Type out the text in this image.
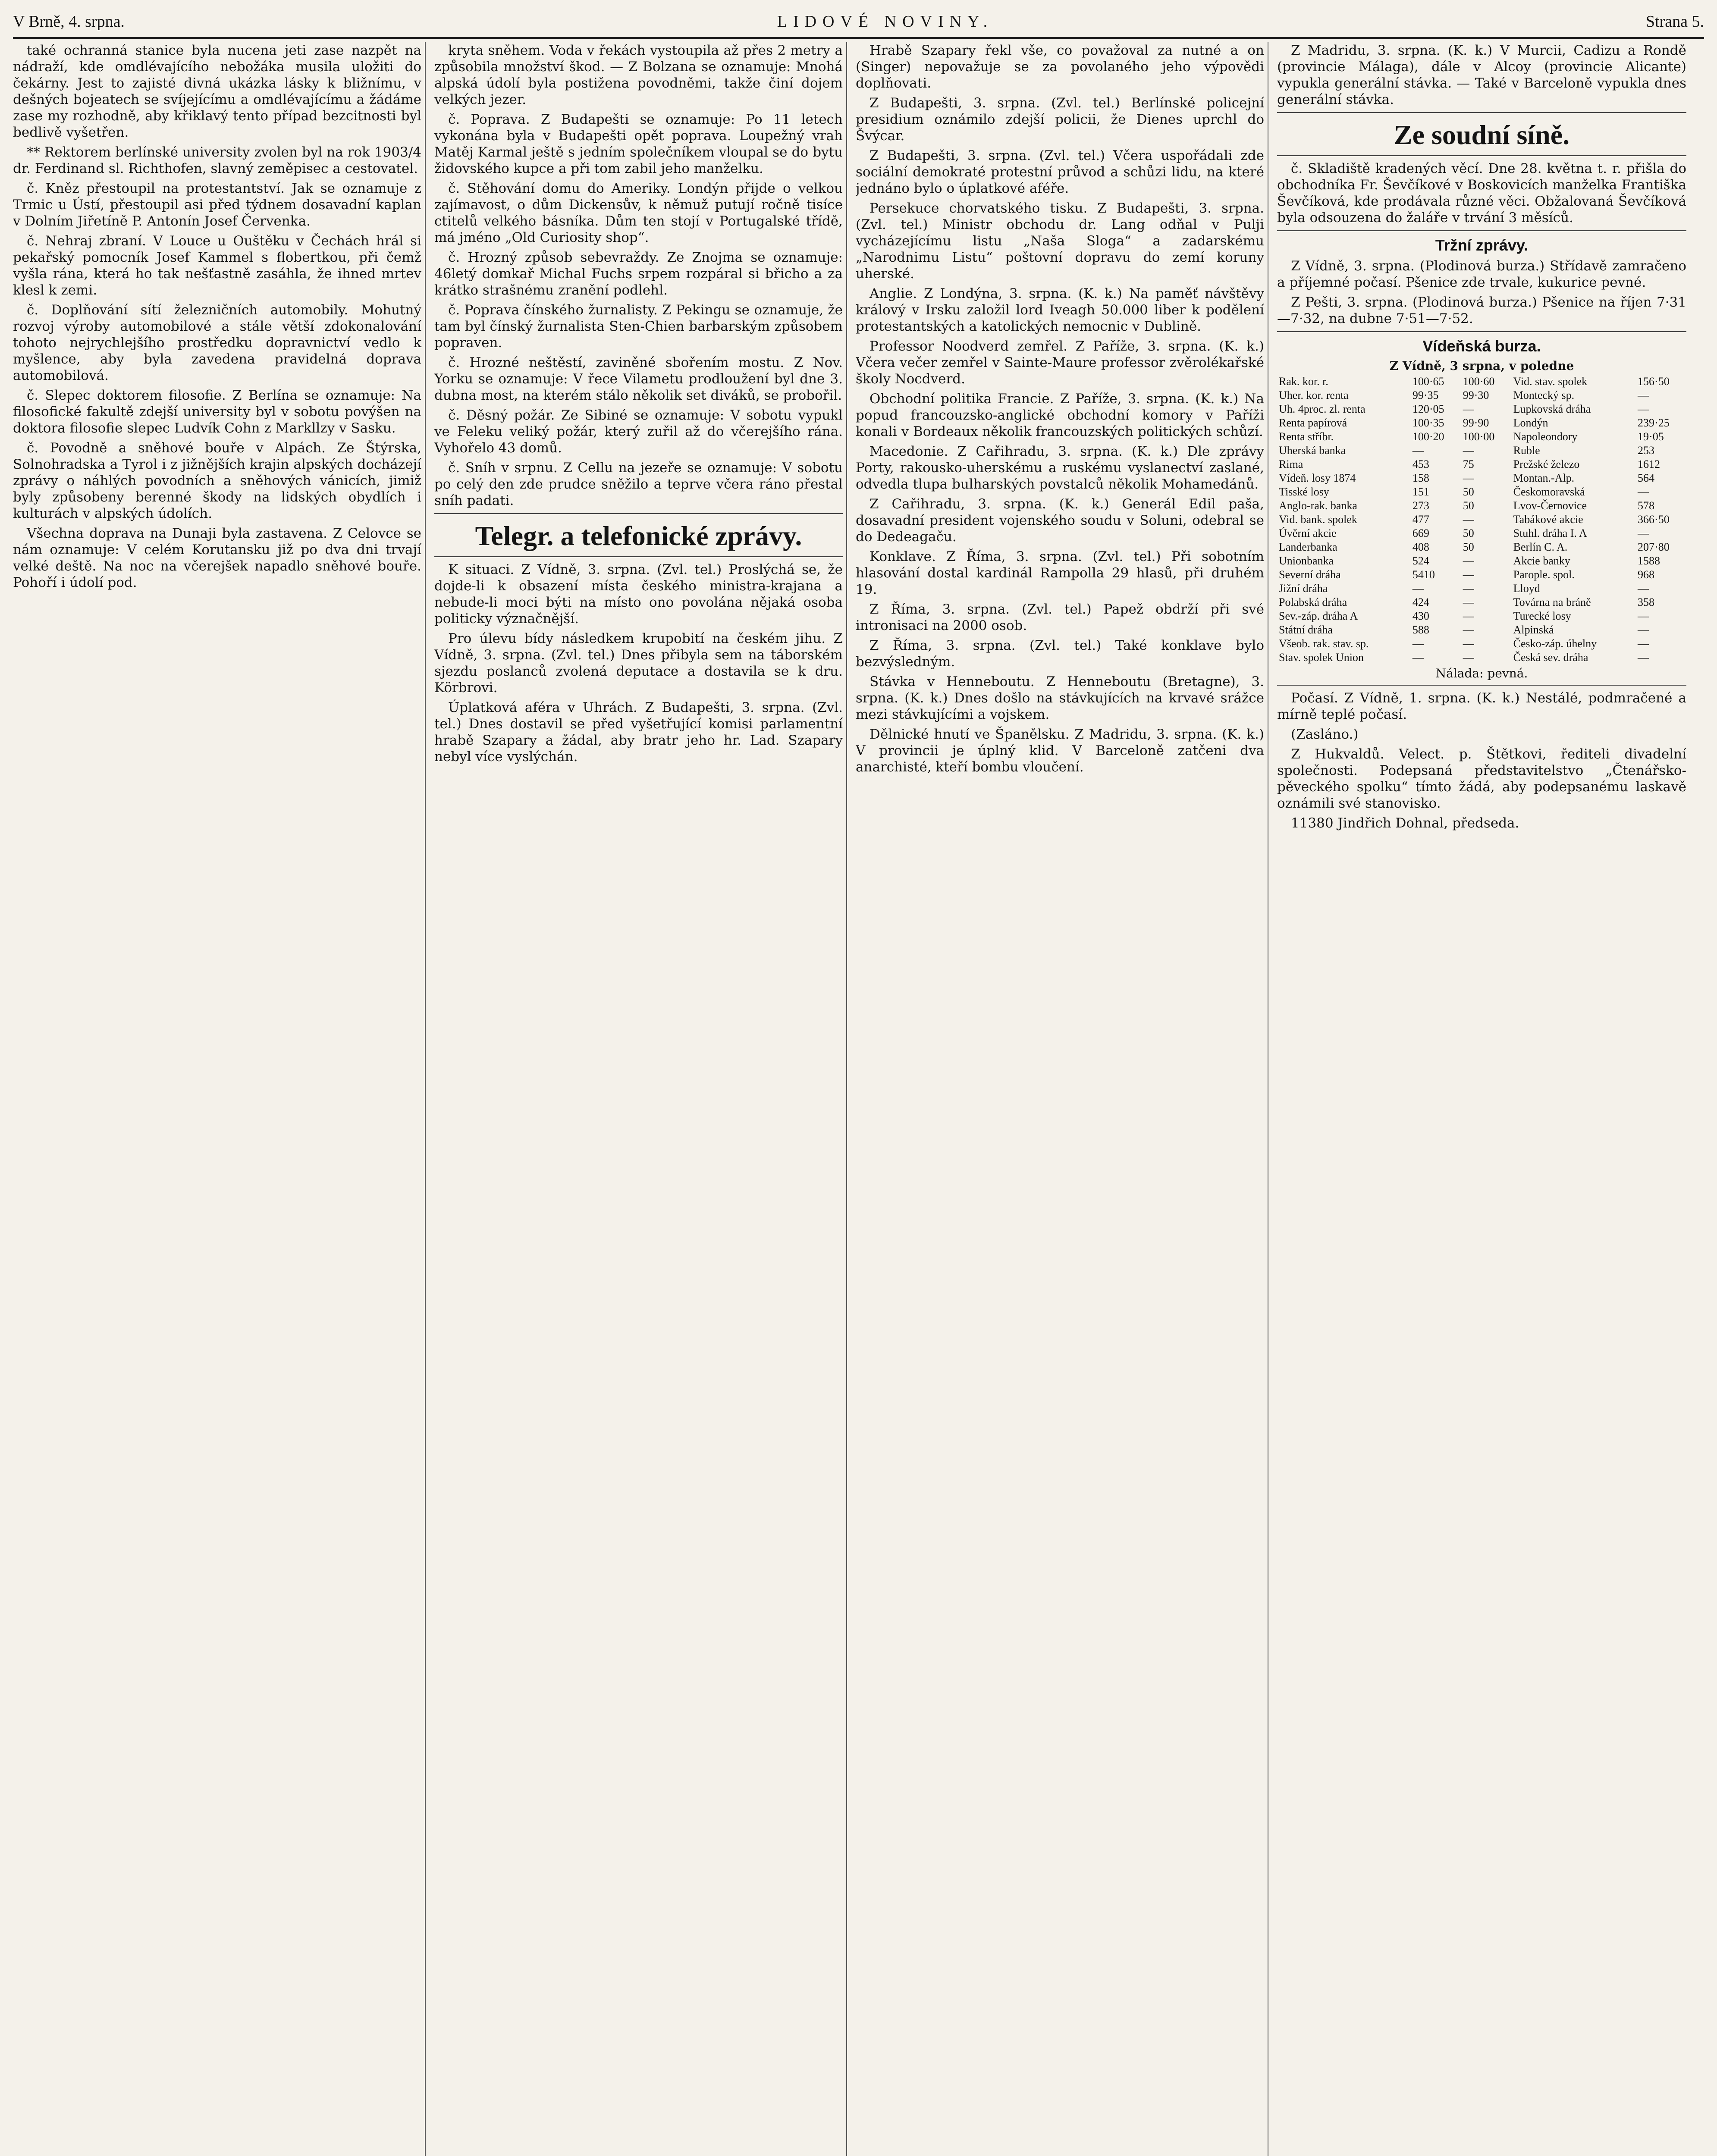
V Brně, 4. srpna.	LIDOVÉ NOVINY.	Strana 5.

také ochranná stanice byla nucena jeti zase nazpět na nádraží, kde omdlévajícího nebožáka musila uložiti do čekárny. Jest to zajisté divná ukázka lásky k bližnímu, v dešných bojeatech se svíjejícímu a omdlévajícímu a žádáme zase my rozhodně, aby křiklavý tento případ bezcitnosti byl bedlivě vyšetřen.

** Rektorem berlínské university zvolen byl na rok 1903/4 dr. Ferdinand sl. Richthofen, slavný zeměpisec a cestovatel.

č. Kněz přestoupil na protestantství. Jak se oznamuje z Trmic u Ústí, přestoupil asi před týdnem dosavadní kaplan v Dolním Jiřetíně P. Antonín Josef Červenka.

č. Nehraj zbraní. V Louce u Ouštěku v Čechách hrál si pekařský pomocník Josef Kammel s flobertkou, při čemž vyšla rána, která ho tak nešťastně zasáhla, že ihned mrtev klesl k zemi.

č. Doplňování sítí železničních automobily. Mohutný rozvoj výroby automobilové a stále větší zdokonalování tohoto nejrychlejšího prostředku dopravnictví vedlo k myšlence, aby byla zavedena pravidelná doprava automobilová.

č. Slepec doktorem filosofie. Z Berlína se oznamuje: Na filosofické fakultě zdejší university byl v sobotu povýšen na doktora filosofie slepec Ludvík Cohn z Markllzy v Sasku.

č. Povodně a sněhové bouře v Alpách. Ze Štýrska, Solnohradska a Tyrol i z jižnějších krajin alpských docházejí zprávy o náhlých povodních a sněhových vánicích, jimiž byly způsobeny berenné škody na lidských obydlích i kulturách v alpských údolích.

Všechna doprava na Dunaji byla zastavena. Z Celovce se nám oznamuje: V celém Korutansku již po dva dni trvají velké deště. Na noc na včerejšek napadlo sněhové bouře. Pohoří i údolí pod.

kryta sněhem. Voda v řekách vystoupila až přes 2 metry a způsobila množství škod. — Z Bolzana se oznamuje: Mnohá alpská údolí byla postižena povodněmi, takže činí dojem velkých jezer.

č. Poprava. Z Budapešti se oznamuje: Po 11 letech vykonána byla v Budapešti opět poprava. Loupežný vrah Matěj Karmal ještě s jedním společníkem vloupal se do bytu židovského kupce a při tom zabil jeho manželku.

č. Stěhování domu do Ameriky. Londýn přijde o velkou zajímavost, o dům Dickensův, k němuž putují ročně tisíce ctitelů velkého básníka. Dům ten stojí v Portugalské třídě, má jméno „Old Curiosity shop“.

č. Hrozný způsob sebevraždy. Ze Znojma se oznamuje: 46letý domkař Michal Fuchs srpem rozpáral si břicho a za krátko strašnému zranění podlehl.

č. Poprava čínského žurnalisty. Z Pekingu se oznamuje, že tam byl čínský žurnalista Sten-Chien barbarským způsobem popraven.

č. Hrozné neštěstí, zaviněné sbořením mostu. Z Nov. Yorku se oznamuje: V řece Vilametu prodloužení byl dne 3. dubna most, na kterém stálo několik set diváků, se probořil.

č. Děsný požár. Ze Sibiné se oznamuje: V sobotu vypukl ve Feleku veliký požár, který zuřil až do včerejšího rána. Vyhořelo 43 domů.

č. Sníh v srpnu. Z Cellu na jezeře se oznamuje: V sobotu po celý den zde prudce sněžilo a teprve včera ráno přestal sníh padati.

Telegr. a telefonické zprávy.

K situaci. Z Vídně, 3. srpna. (Zvl. tel.) Proslýchá se, že dojde-li k obsazení místa českého ministra-krajana a nebude-li moci býti na místo ono povolána nějaká osoba politicky význačnější.

Pro úlevu bídy následkem krupobití na českém jihu. Z Vídně, 3. srpna. (Zvl. tel.) Dnes přibyla sem na táborském sjezdu poslanců zvolená deputace a dostavila se k dru. Körbrovi.

Úplatková aféra v Uhrách. Z Budapešti, 3. srpna. (Zvl. tel.) Dnes dostavil se před vyšetřující komisi parlamentní hrabě Szapary a žádal, aby bratr jeho hr. Lad. Szapary nebyl více vyslýchán.

Hrabě Szapary řekl vše, co považoval za nutné a on (Singer) nepovažuje se za povolaného jeho výpovědi doplňovati.

Z Budapešti, 3. srpna. (Zvl. tel.) Berlínské policejní presidium oznámilo zdejší policii, že Dienes uprchl do Švýcar.

Z Budapešti, 3. srpna. (Zvl. tel.) Včera uspořádali zde sociální demokraté protestní průvod a schůzi lidu, na které jednáno bylo o úplatkové aféře.

Persekuce chorvatského tisku. Z Budapešti, 3. srpna. (Zvl. tel.) Ministr obchodu dr. Lang odňal v Pulji vycházejícímu listu „Naša Sloga“ a zadarskému „Narodnimu Listu“ poštovní dopravu do zemí koruny uherské.

Anglie. Z Londýna, 3. srpna. (K. k.) Na paměť návštěvy králový v Irsku založil lord Iveagh 50.000 liber k podělení protestantských a katolických nemocnic v Dublině.

Professor Noodverd zemřel. Z Paříže, 3. srpna. (K. k.) Včera večer zemřel v Sainte-Maure professor zvěrolékařské školy Nocdverd.

Obchodní politika Francie. Z Paříže, 3. srpna. (K. k.) Na popud francouzsko-anglické obchodní komory v Paříži konali v Bordeaux několik francouzských politických schůzí.

Macedonie. Z Cařihradu, 3. srpna. (K. k.) Dle zprávy Porty, rakousko-uherskému a ruskému vyslanectví zaslané, odvedla tlupa bulharských povstalců několik Mohamedánů.

Z Cařihradu, 3. srpna. (K. k.) Generál Edil paša, dosavadní president vojenského soudu v Soluni, odebral se do Dedeagaču.

Konklave. Z Říma, 3. srpna. (Zvl. tel.) Při sobotním hlasování dostal kardinál Rampolla 29 hlasů, při druhém 19.

Z Říma, 3. srpna. (Zvl. tel.) Papež obdrží při své intronisaci na 2000 osob.

Z Říma, 3. srpna. (Zvl. tel.) Také konklave bylo bezvýsledným.

Stávka v Henneboutu. Z Henneboutu (Bretagne), 3. srpna. (K. k.) Dnes došlo na stávkujících na krvavé srážce mezi stávkujícími a vojskem.

Dělnické hnutí ve Španělsku. Z Madridu, 3. srpna. (K. k.) V provincii je úplný klid. V Barceloně zatčeni dva anarchisté, kteří bombu vloučení.

Z Madridu, 3. srpna. (K. k.) V Murcii, Cadizu a Rondě (provincie Málaga), dále v Alcoy (provincie Alicante) vypukla generální stávka. — Také v Barceloně vypukla dnes generální stávka.

Ze soudní síně.

č. Skladiště kradených věcí. Dne 28. května t. r. přišla do obchodníka Fr. Ševčíkové v Boskovicích manželka Františka Ševčíková, kde prodávala různé věci. Obžalovaná Ševčíková byla odsouzena do žaláře v trvání 3 měsíců.

Tržní zprávy.

Z Vídně, 3. srpna. (Plodinová burza.) Střídavě zamračeno a příjemné počasí. Pšenice zde trvale, kukurice pevné.

Z Pešti, 3. srpna. (Plodinová burza.) Pšenice na říjen 7·31—7·32, na dubne 7·51—7·52.

Vídeňská burza.
Z Vídně, 3 srpna, v poledne
Rak. kor. r.	100·65	100·60	Vid. stav. spolek	156·50
Uher. kor. renta	99·35	99·30	Montecký sp.	—
Uh. 4proc. zl. renta	120·05	—	Lupkovská dráha	—
Renta papírová	100·35	99·90	Londýn	239·25
Renta stříbr.	100·20	100·00	Napoleondory	19·05
Uherská banka	—	—	Ruble	253
Rima	453	75	Prežské železo	1612
Vídeň. losy 1874	158	—	Montan.-Alp.	564
Tisské losy	151	50	Českomoravská	—
Anglo-rak. banka	273	50	Lvov-Černovice	578
Vid. bank. spolek	477	—	Tabákové akcie	366·50
Úvěrní akcie	669	50	Stuhl. dráha I. A	—
Landerbanka	408	50	Berlín C. A.	207·80
Unionbanka	524	—	Akcie banky	1588
Severní dráha	5410	—	Parople. spol.	968
Jižní dráha	—	—	Lloyd	—
Polabská dráha	424	—	Továrna na bráně	358
Sev.-záp. dráha A	430	—	Turecké losy	—
Státní dráha	588	—	Alpinská	—
Všeob. rak. stav. sp.	—	—	Česko-záp. úhelny	—
Stav. spolek Union	—	—	Česká sev. dráha	—
Nálada: pevná.

Počasí. Z Vídně, 1. srpna. (K. k.) Nestálé, podmračené a mírně teplé počasí.

(Zasláno.)

Z Hukvaldů. Velect. p. Štětkovi, řediteli divadelní společnosti. Podepsaná představitelstvo „Čtenářsko-pěveckého spolku“ tímto žádá, aby podepsanému laskavě oznámili své stanovisko.

11380 Jindřich Dohnal, předseda.
